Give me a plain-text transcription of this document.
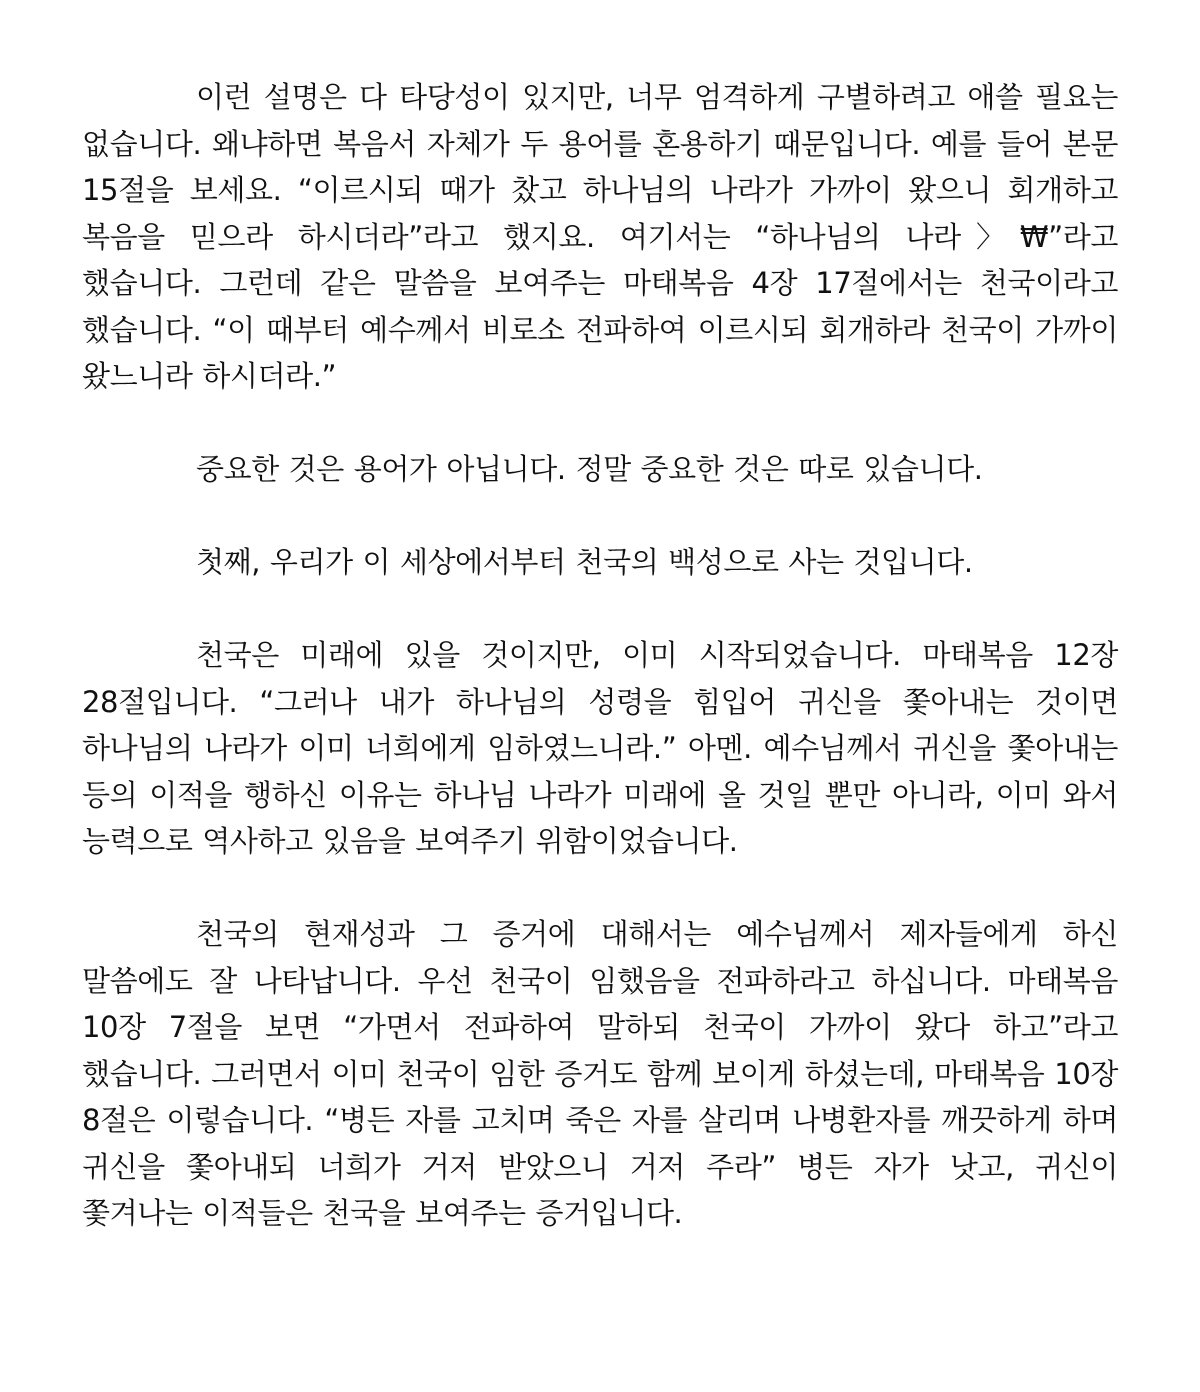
이런 설명은 다 타당성이 있지만, 너무 엄격하게 구별하려고 애쓸 필요는 없습니다. 왜냐하면 복음서 자체가 두 용어를 혼용하기 때문입니다. 예를 들어 본문 15절을 보세요. “이르시되 때가 찼고 하나님의 나라가 가까이 왔으니 회개하고 복음을 믿으라 하시더라”라고 했지요. 여기서는 “하나님의 나라〉₩”라고 했습니다. 그런데 같은 말씀을 보여주는 마태복음 4장 17절에서는 천국이라고 했습니다. “이 때부터 예수께서 비로소 전파하여 이르시되 회개하라 천국이 가까이 왔느니라 하시더라.”

중요한 것은 용어가 아닙니다. 정말 중요한 것은 따로 있습니다.

첫째, 우리가 이 세상에서부터 천국의 백성으로 사는 것입니다.

천국은 미래에 있을 것이지만, 이미 시작되었습니다. 마태복음 12장 28절입니다. “그러나 내가 하나님의 성령을 힘입어 귀신을 쫓아내는 것이면 하나님의 나라가 이미 너희에게 임하였느니라.” 아멘. 예수님께서 귀신을 쫓아내는 등의 이적을 행하신 이유는 하나님 나라가 미래에 올 것일 뿐만 아니라, 이미 와서 능력으로 역사하고 있음을 보여주기 위함이었습니다.

천국의 현재성과 그 증거에 대해서는 예수님께서 제자들에게 하신 말씀에도 잘 나타납니다. 우선 천국이 임했음을 전파하라고 하십니다. 마태복음 10장 7절을 보면 “가면서 전파하여 말하되 천국이 가까이 왔다 하고”라고 했습니다. 그러면서 이미 천국이 임한 증거도 함께 보이게 하셨는데, 마태복음 10장 8절은 이렇습니다. “병든 자를 고치며 죽은 자를 살리며 나병환자를 깨끗하게 하며 귀신을 쫓아내되 너희가 거저 받았으니 거저 주라” 병든 자가 낫고, 귀신이 쫓겨나는 이적들은 천국을 보여주는 증거입니다.
